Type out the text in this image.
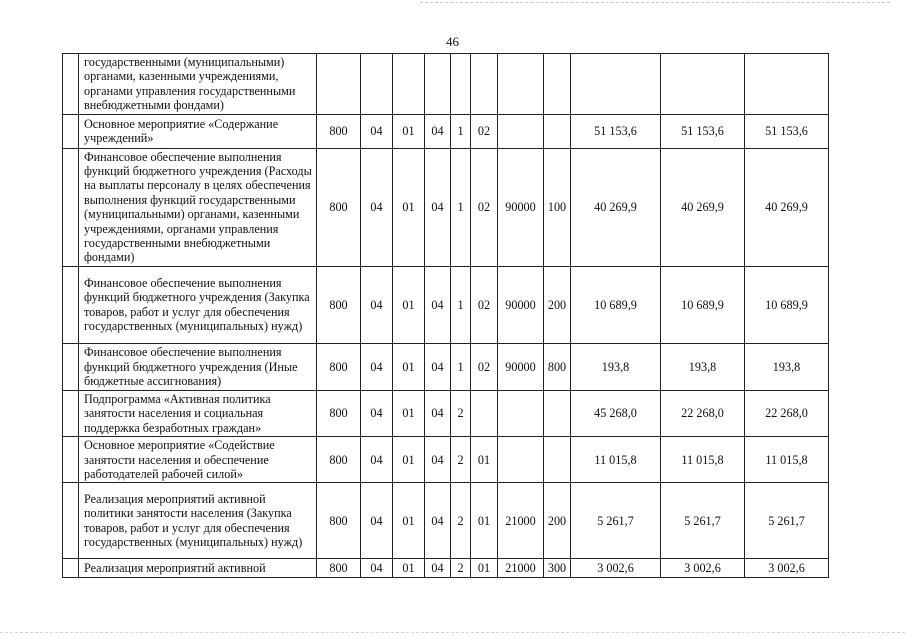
46
	государственными (муниципальными) органами, казенными учреждениями, органами управления государственными внебюджетными фондами)											
	Основное мероприятие «Содержание учреждений»	800	04	01	04	1	02			51 153,6	51 153,6	51 153,6
	Финансовое обеспечение выполнения функций бюджетного учреждения (Расходы на выплаты персоналу в целях обеспечения выполнения функций государственными (муниципальными) органами, казенными учреждениями, органами управления государственными внебюджетными фондами)	800	04	01	04	1	02	90000	100	40 269,9	40 269,9	40 269,9
	Финансовое обеспечение выполнения функций бюджетного учреждения (Закупка товаров, работ и услуг для обеспечения государственных (муниципальных) нужд)	800	04	01	04	1	02	90000	200	10 689,9	10 689,9	10 689,9
	Финансовое обеспечение выполнения функций бюджетного учреждения (Иные бюджетные ассигнования)	800	04	01	04	1	02	90000	800	193,8	193,8	193,8
	Подпрограмма «Активная политика занятости населения и социальная поддержка безработных граждан»	800	04	01	04	2				45 268,0	22 268,0	22 268,0
	Основное мероприятие «Содействие занятости населения и обеспечение работодателей рабочей силой»	800	04	01	04	2	01			11 015,8	11 015,8	11 015,8
	Реализация мероприятий активной политики занятости населения (Закупка товаров, работ и услуг для обеспечения государственных (муниципальных) нужд)	800	04	01	04	2	01	21000	200	5 261,7	5 261,7	5 261,7
	Реализация мероприятий активной	800	04	01	04	2	01	21000	300	3 002,6	3 002,6	3 002,6
